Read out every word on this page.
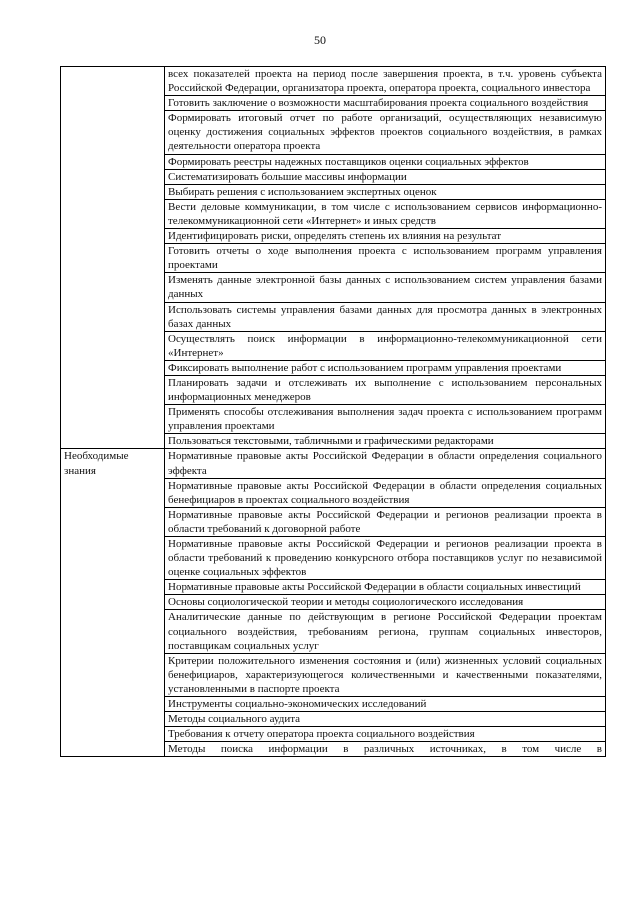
50
	всех показателей проекта на период после завершения проекта, в т.ч. уровень субъекта Российской Федерации, организатора проекта, оператора проекта, социального инвестора
	Готовить заключение о возможности масштабирования проекта социального воздействия
	Формировать итоговый отчет по работе организаций, осуществляющих независимую оценку достижения социальных эффектов проектов социального воздействия, в рамках деятельности оператора проекта
	Формировать реестры надежных поставщиков оценки социальных эффектов
	Систематизировать большие массивы информации
	Выбирать решения с использованием экспертных оценок
	Вести деловые коммуникации, в том числе с использованием сервисов информационно-телекоммуникационной сети «Интернет» и иных средств
	Идентифицировать риски, определять степень их влияния на результат
	Готовить отчеты о ходе выполнения проекта с использованием программ управления проектами
	Изменять данные электронной базы данных с использованием систем управления базами данных
	Использовать системы управления базами данных для просмотра данных в электронных базах данных
	Осуществлять поиск информации в информационно-телекоммуникационной сети «Интернет»
	Фиксировать выполнение работ с использованием программ управления проектами
	Планировать задачи и отслеживать их выполнение с использованием персональных информационных менеджеров
	Применять способы отслеживания выполнения задач проекта с использованием программ управления проектами
	Пользоваться текстовыми, табличными и графическими редакторами
Необходимые знания	Нормативные правовые акты Российской Федерации в области определения социального эффекта
	Нормативные правовые акты Российской Федерации в области определения социальных бенефициаров в проектах социального воздействия
	Нормативные правовые акты Российской Федерации и регионов реализации проекта в области требований к договорной работе
	Нормативные правовые акты Российской Федерации и регионов реализации проекта в области требований к проведению конкурсного отбора поставщиков услуг по независимой оценке социальных эффектов
	Нормативные правовые акты Российской Федерации в области социальных инвестиций
	Основы социологической теории и методы социологического исследования
	Аналитические данные по действующим в регионе Российской Федерации проектам социального воздействия, требованиям региона, группам социальных инвесторов, поставщикам социальных услуг
	Критерии положительного изменения состояния и (или) жизненных условий социальных бенефициаров, характеризующегося количественными и качественными показателями, установленными в паспорте проекта
	Инструменты социально-экономических исследований
	Методы социального аудита
	Требования к отчету оператора проекта социального воздействия

	Методы поиска информации в различных источниках, в том числе в
